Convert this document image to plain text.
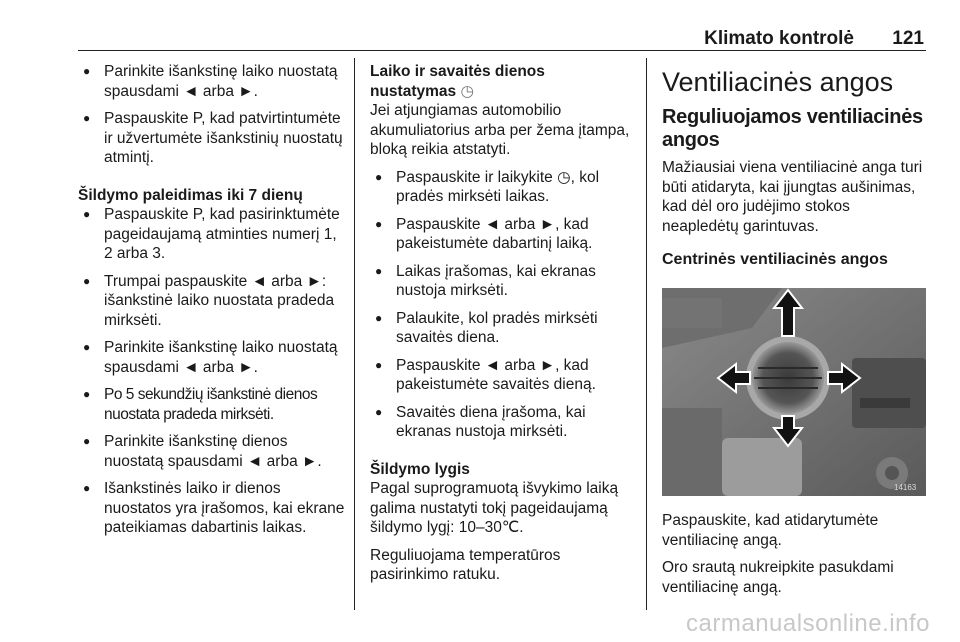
Klimato kontrolė 121
● Parinkite išankstinę laiko nuostatą spausdami ◄ arba ►.
● Paspauskite P, kad patvirtintumėte ir užvertumėte išankstinių nuostatų atmintį.
Šildymo paleidimas iki 7 dienų
● Paspauskite P, kad pasirinktumėte pageidaujamą atminties numerį 1, 2 arba 3.
● Trumpai paspauskite ◄ arba ►: išankstinė laiko nuostata pradeda mirksėti.
● Parinkite išankstinę laiko nuostatą spausdami ◄ arba ►.
● Po 5 sekundžių išankstinė dienos nuostata pradeda mirksėti.
● Parinkite išankstinę dienos nuostatą spausdami ◄ arba ►.
● Išankstinės laiko ir dienos nuostatos yra įrašomos, kai ekrane pateikiamas dabartinis laikas.
Laiko ir savaitės dienos
nustatymas ◷

Jei atjungiamas automobilio akumuliatorius arba per žema įtampa, bloką reikia atstatyti.

● Paspauskite ir laikykite ◷, kol pradės mirksėti laikas.
● Paspauskite ◄ arba ►, kad pakeistumėte dabartinį laiką.
● Laikas įrašomas, kai ekranas nustoja mirksėti.
● Palaukite, kol pradės mirksėti savaitės diena.
● Paspauskite ◄ arba ►, kad pakeistumėte savaitės dieną.
● Savaitės diena įrašoma, kai ekranas nustoja mirksėti.
Šildymo lygis

Pagal suprogramuotą išvykimo laiką galima nustatyti tokį pageidaujamą šildymo lygį: 10–30℃.

Reguliuojama temperatūros pasirinkimo ratuku.

Ventiliacinės angos
Reguliuojamos ventiliacinės angos

Mažiausiai viena ventiliacinė anga turi būti atidaryta, kai įjungtas aušinimas, kad dėl oro judėjimo stokos neapledėtų garintuvas.

Centrinės ventiliacinės angos
14163

Paspauskite, kad atidarytumėte ventiliacinę angą.

Oro srautą nukreipkite pasukdami ventiliacinę angą.

carmanualsonline.info
